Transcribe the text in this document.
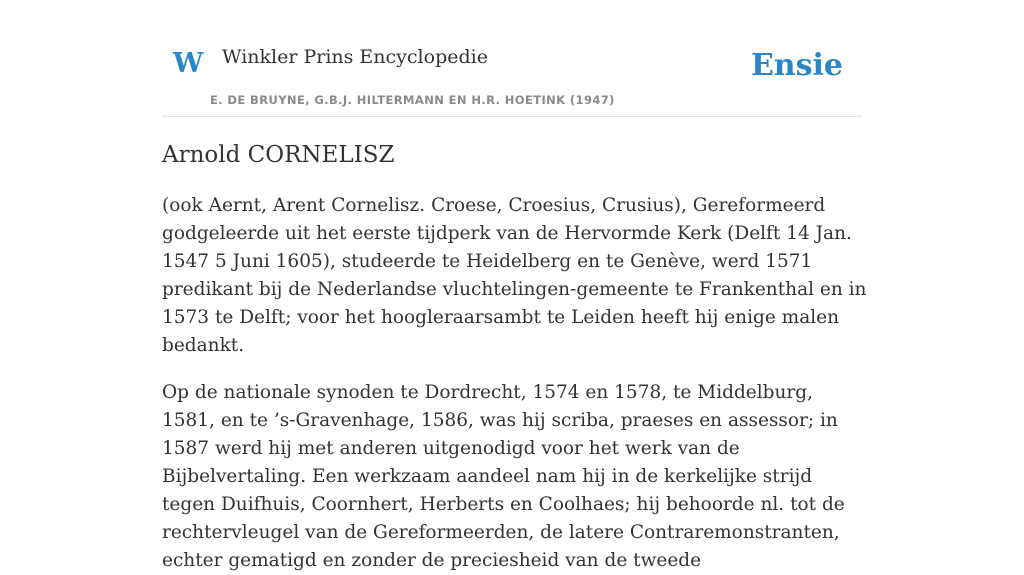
W Winkler Prins Encyclopedie
E. DE BRUYNE, G.B.J. HILTERMANN EN H.R. HOETINK (1947)
Ensie
Arnold CORNELISZ

(ook Aernt, Arent Cornelisz. Croese, Croesius, Crusius), Gereformeerd godgeleerde uit het eerste tijdperk van de Hervormde Kerk (Delft 14 Jan. 1547 5 Juni 1605), studeerde te Heidelberg en te Genève, werd 1571 predikant bij de Nederlandse vluchtelingen-gemeente te Frankenthal en in 1573 te Delft; voor het hoogleraarsambt te Leiden heeft hij enige malen bedankt.

Op de nationale synoden te Dordrecht, 1574 en 1578, te Middelburg, 1581, en te ’s-Gravenhage, 1586, was hij scriba, praeses en assessor; in 1587 werd hij met anderen uitgenodigd voor het werk van de Bijbelvertaling. Een werkzaam aandeel nam hij in de kerkelijke strijd tegen Duifhuis, Coornhert, Herberts en Coolhaes; hij behoorde nl. tot de rechtervleugel van de Gereformeerden, de latere Contraremonstranten, echter gematigd en zonder de preciesheid van de tweede
